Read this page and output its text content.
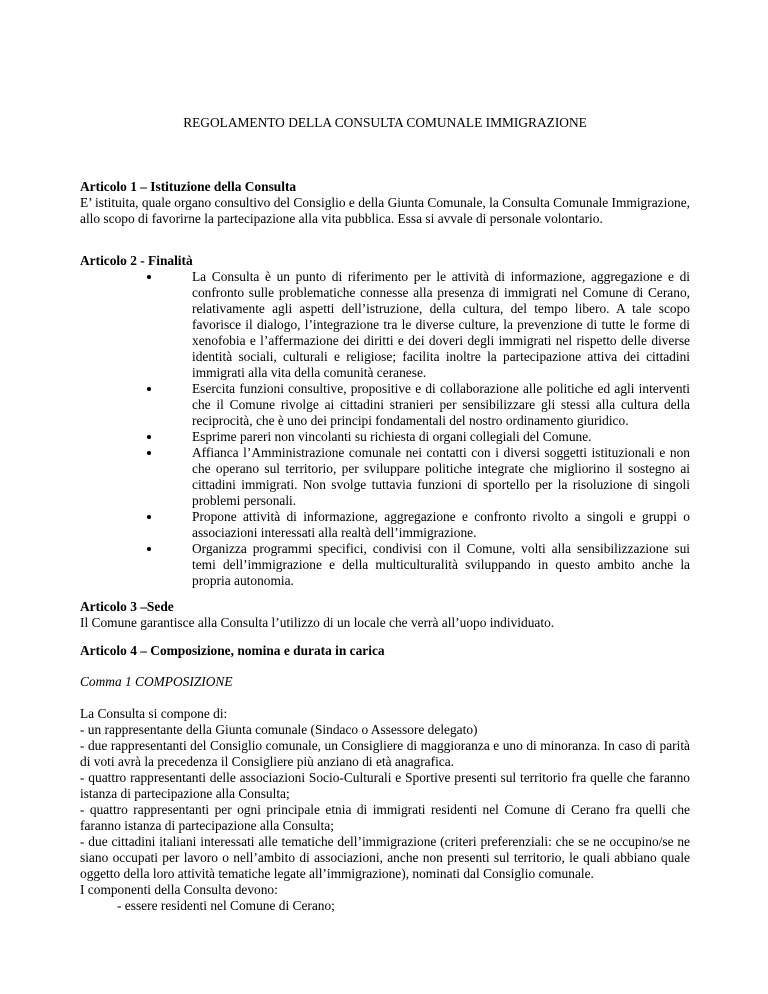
REGOLAMENTO DELLA CONSULTA COMUNALE IMMIGRAZIONE

Articolo 1 – Istituzione della Consulta

E’ istituita, quale organo consultivo del Consiglio e della Giunta Comunale, la Consulta Comunale Immigrazione, allo scopo di favorirne la partecipazione alla vita pubblica. Essa si avvale di personale volontario.

Articolo 2 - Finalità

La Consulta è un punto di riferimento per le attività di informazione, aggregazione e di confronto sulle problematiche connesse alla presenza di immigrati nel Comune di Cerano, relativamente agli aspetti dell’istruzione, della cultura, del tempo libero. A tale scopo favorisce il dialogo, l’integrazione tra le diverse culture, la prevenzione di tutte le forme di xenofobia e l’affermazione dei diritti e dei doveri degli immigrati nel rispetto delle diverse identità sociali, culturali e religiose; facilita inoltre la partecipazione attiva dei cittadini immigrati alla vita della comunità ceranese.
Esercita funzioni consultive, propositive e di collaborazione alle politiche ed agli interventi che il Comune rivolge ai cittadini stranieri per sensibilizzare gli stessi alla cultura della reciprocità, che è uno dei principi fondamentali del nostro ordinamento giuridico.
Esprime pareri non vincolanti su richiesta di organi collegiali del Comune.
Affianca l’Amministrazione comunale nei contatti con i diversi soggetti istituzionali e non che operano sul territorio, per sviluppare politiche integrate che migliorino il sostegno ai cittadini immigrati. Non svolge tuttavia funzioni di sportello per la risoluzione di singoli problemi personali.
Propone attività di informazione, aggregazione e confronto rivolto a singoli e gruppi o associazioni interessati alla realtà dell’immigrazione.
Organizza programmi specifici, condivisi con il Comune, volti alla sensibilizzazione sui temi dell’immigrazione e della multiculturalità sviluppando in questo ambito anche la propria autonomia.

Articolo 3 –Sede

Il Comune garantisce alla Consulta l’utilizzo di un locale che verrà all’uopo individuato.

Articolo 4 – Composizione, nomina e durata in carica

Comma 1 COMPOSIZIONE

La Consulta si compone di:

- un rappresentante della Giunta comunale (Sindaco o Assessore delegato)

- due rappresentanti del Consiglio comunale, un Consigliere di maggioranza e uno di minoranza. In caso di parità di voti avrà la precedenza il Consigliere più anziano di età anagrafica.

- quattro rappresentanti delle associazioni Socio-Culturali e Sportive presenti sul territorio fra quelle che faranno istanza di partecipazione alla Consulta;

- quattro rappresentanti per ogni principale etnia di immigrati residenti nel Comune di Cerano fra quelli che faranno istanza di partecipazione alla Consulta;

- due cittadini italiani interessati alle tematiche dell’immigrazione (criteri preferenziali: che se ne occupino/se ne siano occupati per lavoro o nell’ambito di associazioni, anche non presenti sul territorio, le quali abbiano quale oggetto della loro attività tematiche legate all’immigrazione), nominati dal Consiglio comunale.

I componenti della Consulta devono:

- essere residenti nel Comune di Cerano;
